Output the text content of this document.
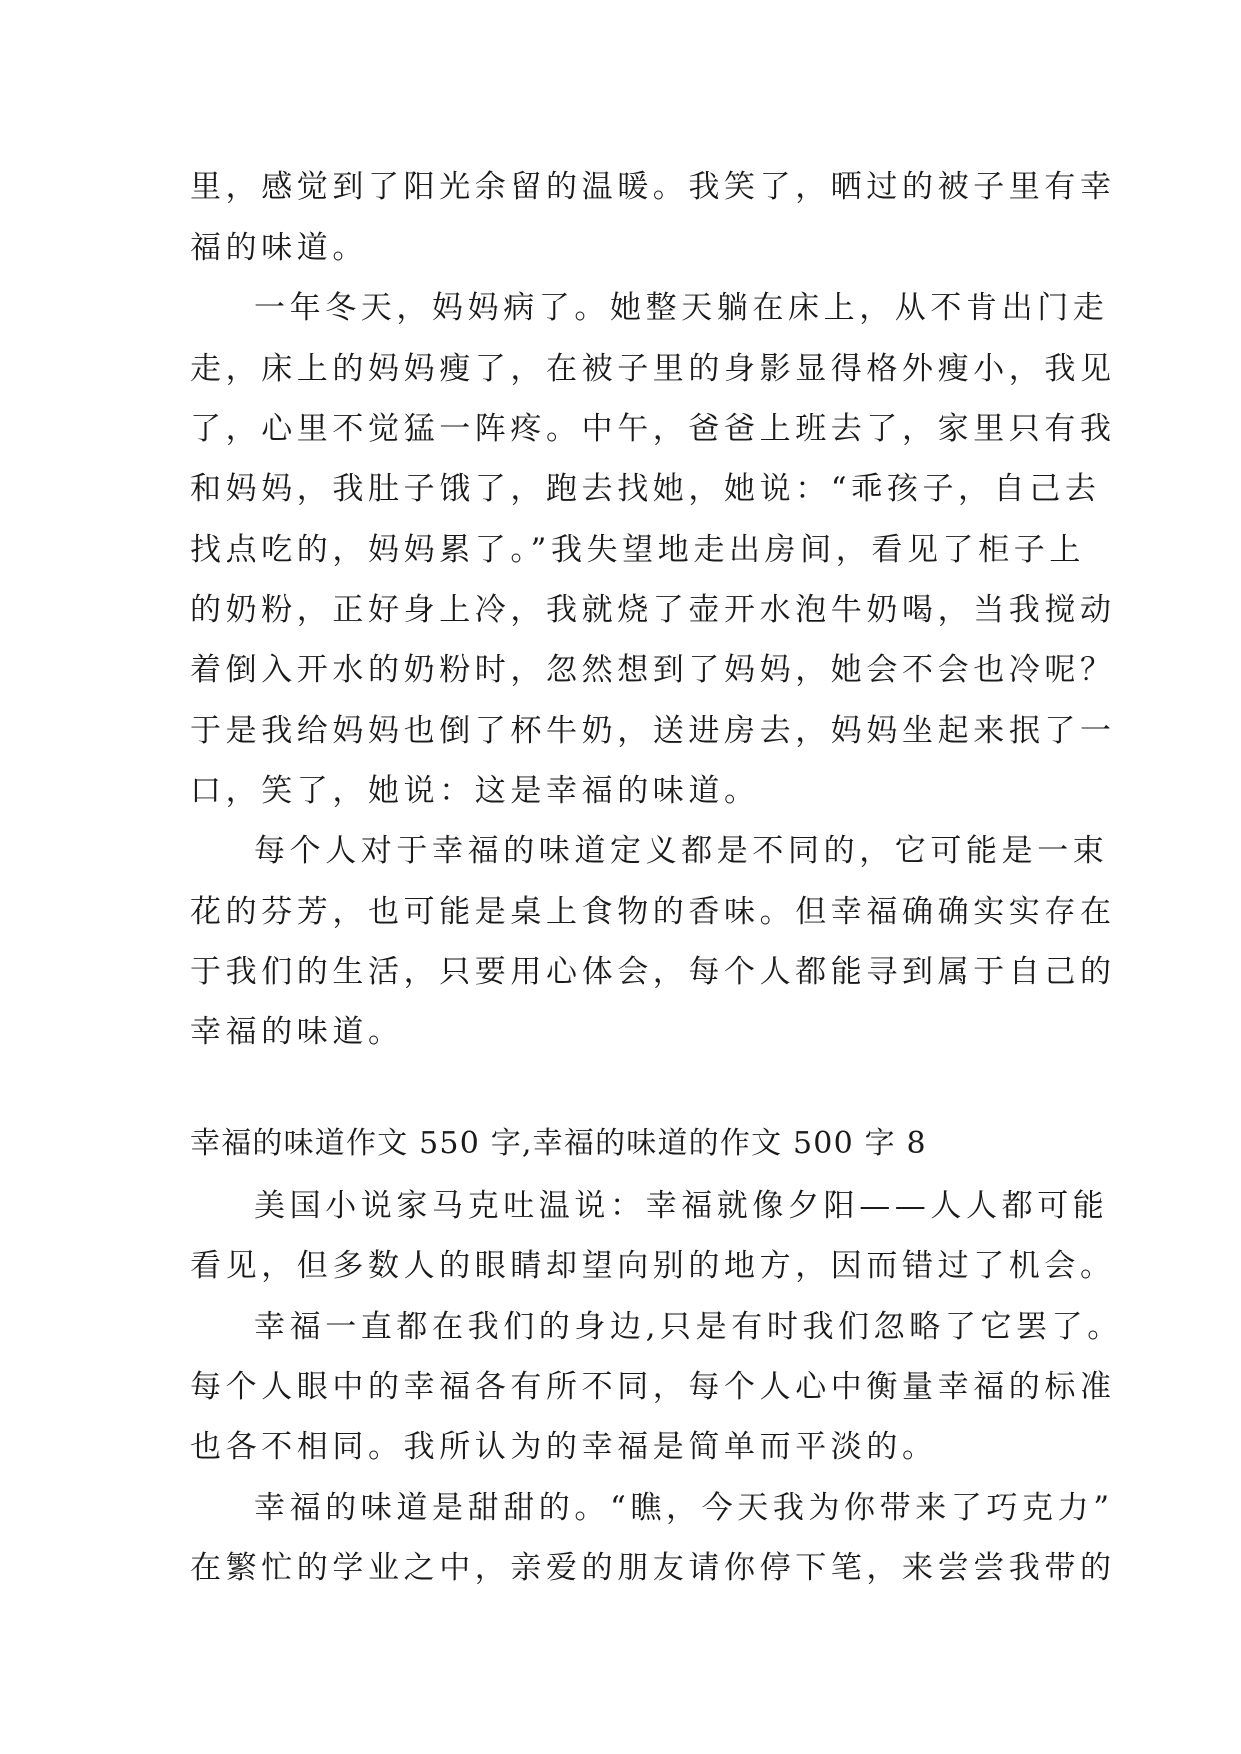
里，感觉到了阳光余留的温暖。我笑了，晒过的被子里有幸
福的味道。
一年冬天，妈妈病了。她整天躺在床上，从不肯出门走
走，床上的妈妈瘦了，在被子里的身影显得格外瘦小，我见
了，心里不觉猛一阵疼。中午，爸爸上班去了，家里只有我
和妈妈，我肚子饿了，跑去找她，她说：“乖孩子，自己去
找点吃的，妈妈累了。”我失望地走出房间，看见了柜子上
的奶粉，正好身上冷，我就烧了壶开水泡牛奶喝，当我搅动
着倒入开水的奶粉时，忽然想到了妈妈，她会不会也冷呢？
于是我给妈妈也倒了杯牛奶，送进房去，妈妈坐起来抿了一
口，笑了，她说：这是幸福的味道。
每个人对于幸福的味道定义都是不同的，它可能是一束
花的芬芳，也可能是桌上食物的香味。但幸福确确实实存在
于我们的生活，只要用心体会，每个人都能寻到属于自己的
幸福的味道。
幸福的味道作文 550 字,幸福的味道的作文 500 字 8
美国小说家马克吐温说：幸福就像夕阳——人人都可能
看见，但多数人的眼睛却望向别的地方，因而错过了机会。
幸福一直都在我们的身边,只是有时我们忽略了它罢了。
每个人眼中的幸福各有所不同，每个人心中衡量幸福的标准
也各不相同。我所认为的幸福是简单而平淡的。
幸福的味道是甜甜的。“瞧，今天我为你带来了巧克力”
在繁忙的学业之中，亲爱的朋友请你停下笔，来尝尝我带的
